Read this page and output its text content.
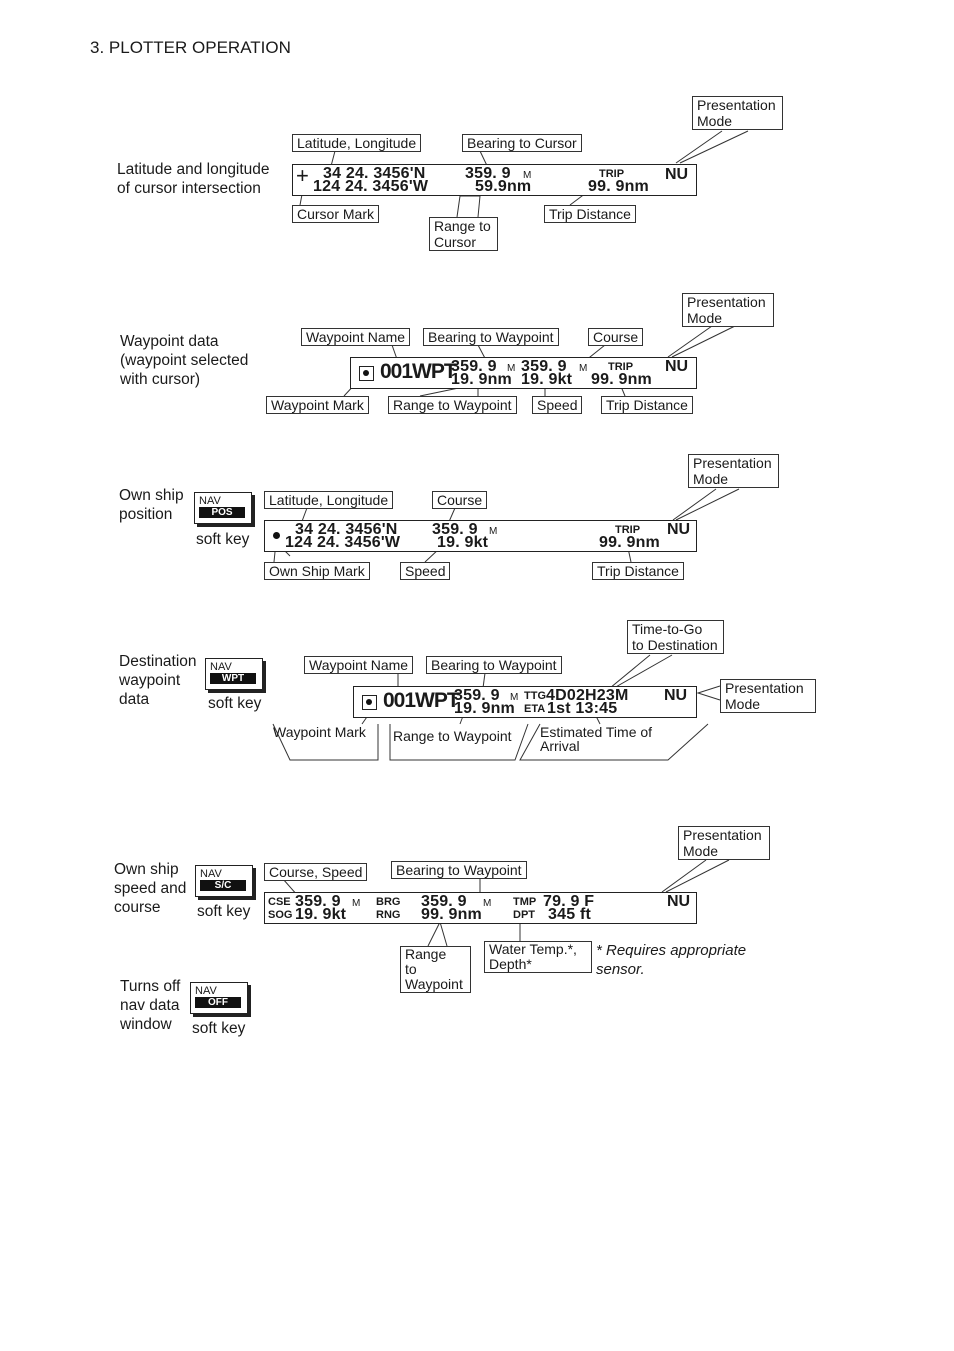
3. PLOTTER OPERATION
Latitude and longitude
of cursor intersection
Latitude, Longitude	Bearing to Cursor
Presentation
Mode
+ 34 24. 3456'N
124 24. 3456'W
359. 9 M
59.9nm
TRIP
99. 9nm
NU
Cursor Mark
Range to
Cursor
Trip Distance
Waypoint data
(waypoint selected
with cursor)
Waypoint Name	Bearing to Waypoint	Course
Presentation
Mode
001WPT
359. 9 M 359. 9 M
19. 9nm 19. 9kt
TRIP
99. 9nm
NU
Waypoint Mark	Range to Waypoint	Speed	Trip Distance
Own ship
position
NAV
POS
soft key
Latitude, Longitude	Course
Presentation
Mode
34 24. 3456'N
124 24. 3456'W
359. 9 M
19. 9kt
TRIP
99. 9nm
NU
Own Ship Mark	Speed	Trip Distance
Destination
waypoint
data
NAV
WPT
soft key
Waypoint Name	Bearing to Waypoint
Time-to-Go
to Destination
Presentation
Mode
001WPT
359. 9 M TTG 4D02H23M
19. 9nm ETA 1st 13:45
NU
Waypoint Mark Range to Waypoint Estimated Time of
Arrival
Own ship
speed and
course
NAV
S/C
soft key
Course, Speed	Bearing to Waypoint
Presentation
Mode
CSE 359. 9 M
SOG 19. 9kt
BRG 359. 9 M
RNG 99. 9nm
TMP 79. 9 F
DPT 345 ft
NU
Range
to
Waypoint
Water Temp.*,
Depth*
* Requires appropriate
sensor.
Turns off
nav data
window
NAV
OFF
soft key
